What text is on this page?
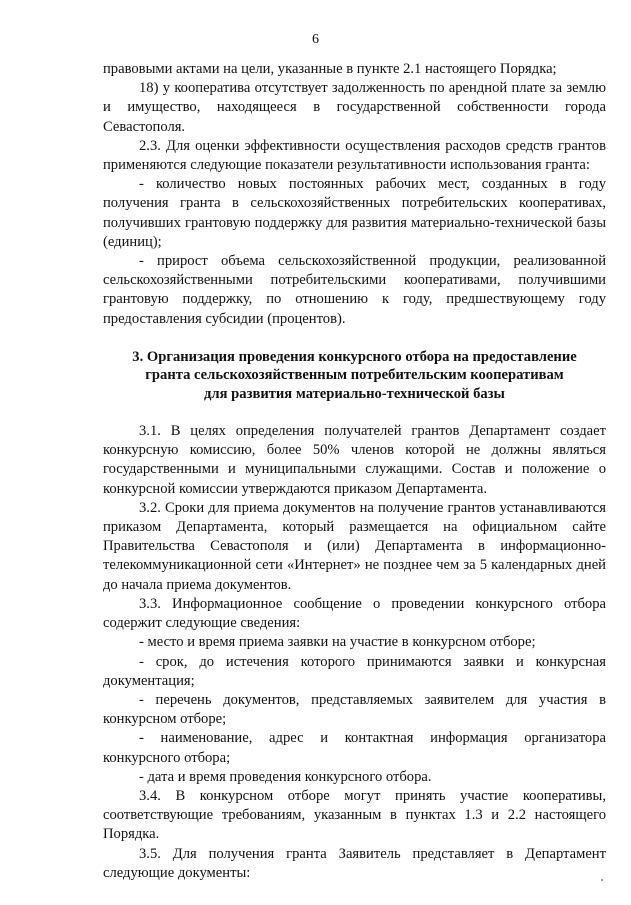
6

правовыми актами на цели, указанные в пункте 2.1 настоящего Порядка;

18) у кооператива отсутствует задолженность по арендной плате за землю и имущество, находящееся в государственной собственности города Севастополя.

2.3. Для оценки эффективности осуществления расходов средств грантов применяются следующие показатели результативности использования гранта:

- количество новых постоянных рабочих мест, созданных в году получения гранта в сельскохозяйственных потребительских кооперативах, получивших грантовую поддержку для развития материально-технической базы (единиц);

- прирост объема сельскохозяйственной продукции, реализованной сельскохозяйственными потребительскими кооперативами, получившими грантовую поддержку, по отношению к году, предшествующему году предоставления субсидии (процентов).

3. Организация проведения конкурсного отбора на предоставление
гранта сельскохозяйственным потребительским кооперативам
для развития материально-технической базы

3.1. В целях определения получателей грантов Департамент создает конкурсную комиссию, более 50% членов которой не должны являться государственными и муниципальными служащими. Состав и положение о конкурсной комиссии утверждаются приказом Департамента.

3.2. Сроки для приема документов на получение грантов устанавливаются приказом Департамента, который размещается на официальном сайте Правительства Севастополя и (или) Департамента в информационно-телекоммуникационной сети «Интернет» не позднее чем за 5 календарных дней до начала приема документов.

3.3. Информационное сообщение о проведении конкурсного отбора содержит следующие сведения:

- место и время приема заявки на участие в конкурсном отборе;

- срок, до истечения которого принимаются заявки и конкурсная документация;

- перечень документов, представляемых заявителем для участия в конкурсном отборе;

- наименование, адрес и контактная информация организатора конкурсного отбора;

- дата и время проведения конкурсного отбора.

3.4. В конкурсном отборе могут принять участие кооперативы, соответствующие требованиям, указанным в пунктах 1.3 и 2.2 настоящего Порядка.

3.5. Для получения гранта Заявитель представляет в Департамент следующие документы:
